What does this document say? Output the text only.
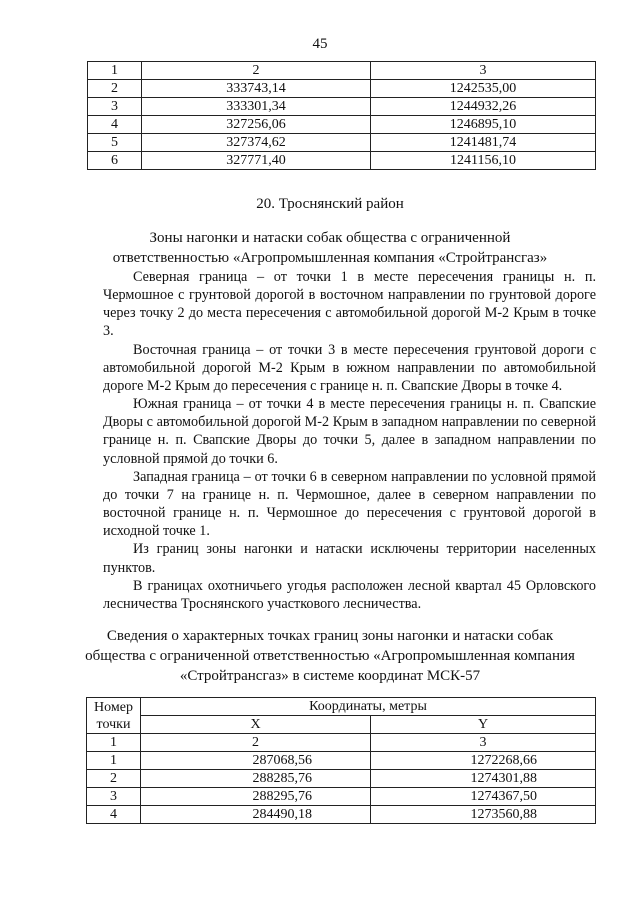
45
1	2	3
2	333743,14	1242535,00
3	333301,34	1244932,26
4	327256,06	1246895,10
5	327374,62	1241481,74
6	327771,40	1241156,10
20. Троснянский район
Зоны нагонки и натаски собак общества с ограниченной
ответственностью «Агропромышленная компания «Стройтрансгаз»

Северная граница – от точки 1 в месте пересечения границы н. п. Чермошное с грунтовой дорогой в восточном направлении по грунтовой дороге через точку 2 до места пересечения с автомобильной дорогой М-2 Крым в точке 3.

Восточная граница – от точки 3 в месте пересечения грунтовой дороги с автомобильной дорогой М-2 Крым в южном направлении по автомобильной дороге М-2 Крым до пересечения с границе н. п. Свапские Дворы в точке 4.

Южная граница – от точки 4 в месте пересечения границы н. п. Свапские Дворы с автомобильной дорогой М-2 Крым в западном направлении по северной границе н. п. Свапские Дворы до точки 5, далее в западном направлении по условной прямой до точки 6.

Западная граница – от точки 6 в северном направлении по условной прямой до точки 7 на границе н. п. Чермошное, далее в северном направлении по восточной границе н. п. Чермошное до пересечения с грунтовой дорогой в исходной точке 1.

Из границ зоны нагонки и натаски исключены территории населенных пунктов.

В границах охотничьего угодья расположен лесной квартал 45 Орловского лесничества Троснянского участкового лесничества.

Сведения о характерных точках границ зоны нагонки и натаски собак
общества с ограниченной ответственностью «Агропромышленная компания
«Стройтрансгаз» в системе координат МСК-57
Номер точки	Координаты, метры	
	X	Y
1	2	3
1	287068,56	1272268,66
2	288285,76	1274301,88
3	288295,76	1274367,50
4	284490,18	1273560,88
